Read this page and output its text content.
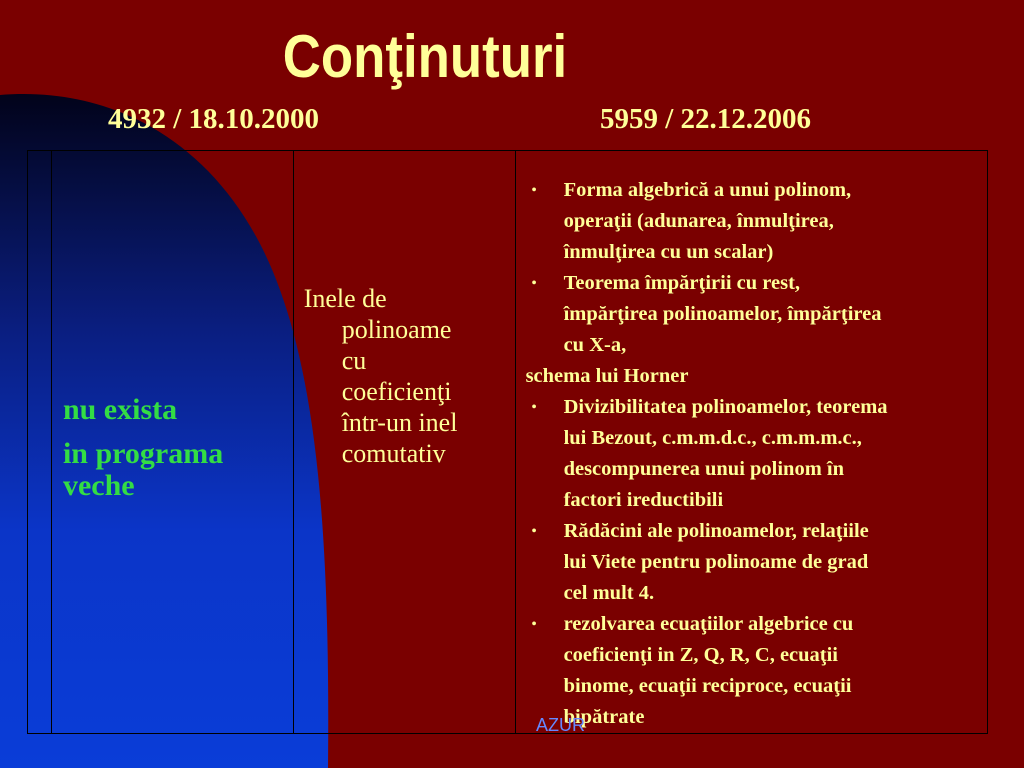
Conţinuturi
4932 / 18.10.2000	5959 / 22.12.2006

nu exista
in programa
veche

Inele de
polinoame
cu
coeficienţi
într-un inel
comutativ

• Forma algebrică a unui polinom,
operaţii (adunarea, înmulţirea,
înmulţirea cu un scalar)
• Teorema împărţirii cu rest,
împărţirea polinoamelor, împărţirea
cu X-a,
schema lui Horner
• Divizibilitatea polinoamelor, teorema
lui Bezout, c.m.m.d.c., c.m.m.m.c.,
descompunerea unui polinom în
factori ireductibili
• Rădăcini ale polinoamelor, relaţiile
lui Viete pentru polinoame de grad
cel mult 4.
• rezolvarea ecuaţiilor algebrice cu
coeficienţi in Z, Q, R, C, ecuaţii
binome, ecuaţii reciproce, ecuaţii
bipătrate
AZUR
